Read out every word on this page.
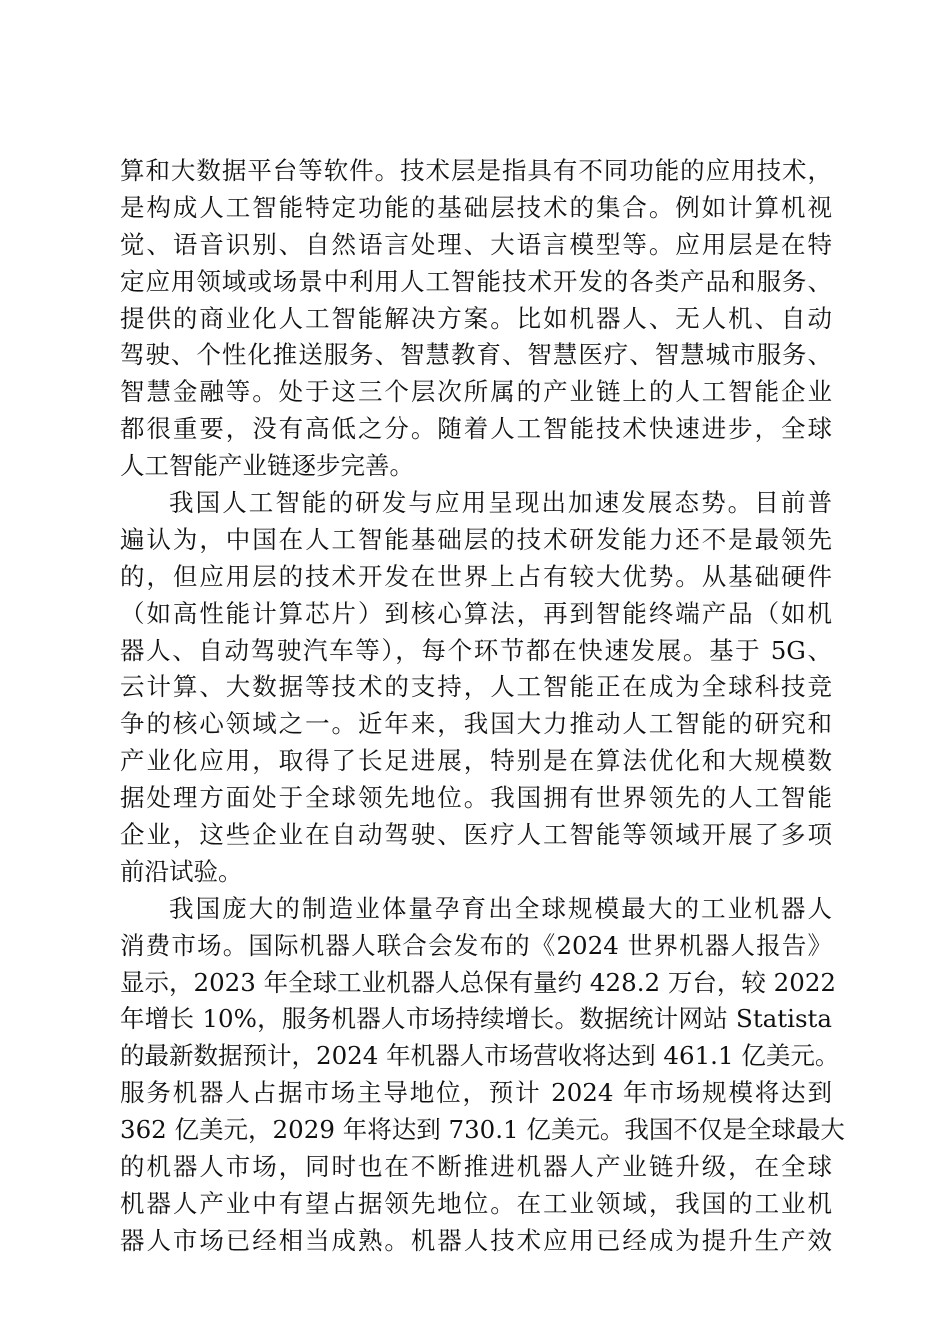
算和大数据平台等软件。技术层是指具有不同功能的应用技术，
是构成人工智能特定功能的基础层技术的集合。例如计算机视
觉、语音识别、自然语言处理、大语言模型等。应用层是在特
定应用领域或场景中利用人工智能技术开发的各类产品和服务、
提供的商业化人工智能解决方案。比如机器人、无人机、自动
驾驶、个性化推送服务、智慧教育、智慧医疗、智慧城市服务、
智慧金融等。处于这三个层次所属的产业链上的人工智能企业
都很重要，没有高低之分。随着人工智能技术快速进步，全球
人工智能产业链逐步完善。
我国人工智能的研发与应用呈现出加速发展态势。目前普
遍认为，中国在人工智能基础层的技术研发能力还不是最领先
的，但应用层的技术开发在世界上占有较大优势。从基础硬件
（如高性能计算芯片）到核心算法，再到智能终端产品（如机
器人、自动驾驶汽车等），每个环节都在快速发展。基于 5G、
云计算、大数据等技术的支持，人工智能正在成为全球科技竞
争的核心领域之一。近年来，我国大力推动人工智能的研究和
产业化应用，取得了长足进展，特别是在算法优化和大规模数
据处理方面处于全球领先地位。我国拥有世界领先的人工智能
企业，这些企业在自动驾驶、医疗人工智能等领域开展了多项
前沿试验。
我国庞大的制造业体量孕育出全球规模最大的工业机器人
消费市场。国际机器人联合会发布的《2024 世界机器人报告》
显示，2023 年全球工业机器人总保有量约 428.2 万台，较 2022
年增长 10%，服务机器人市场持续增长。数据统计网站 Statista
的最新数据预计，2024 年机器人市场营收将达到 461.1 亿美元。
服务机器人占据市场主导地位，预计 2024 年市场规模将达到
362 亿美元，2029 年将达到 730.1 亿美元。我国不仅是全球最大
的机器人市场，同时也在不断推进机器人产业链升级，在全球
机器人产业中有望占据领先地位。在工业领域，我国的工业机
器人市场已经相当成熟。机器人技术应用已经成为提升生产效
